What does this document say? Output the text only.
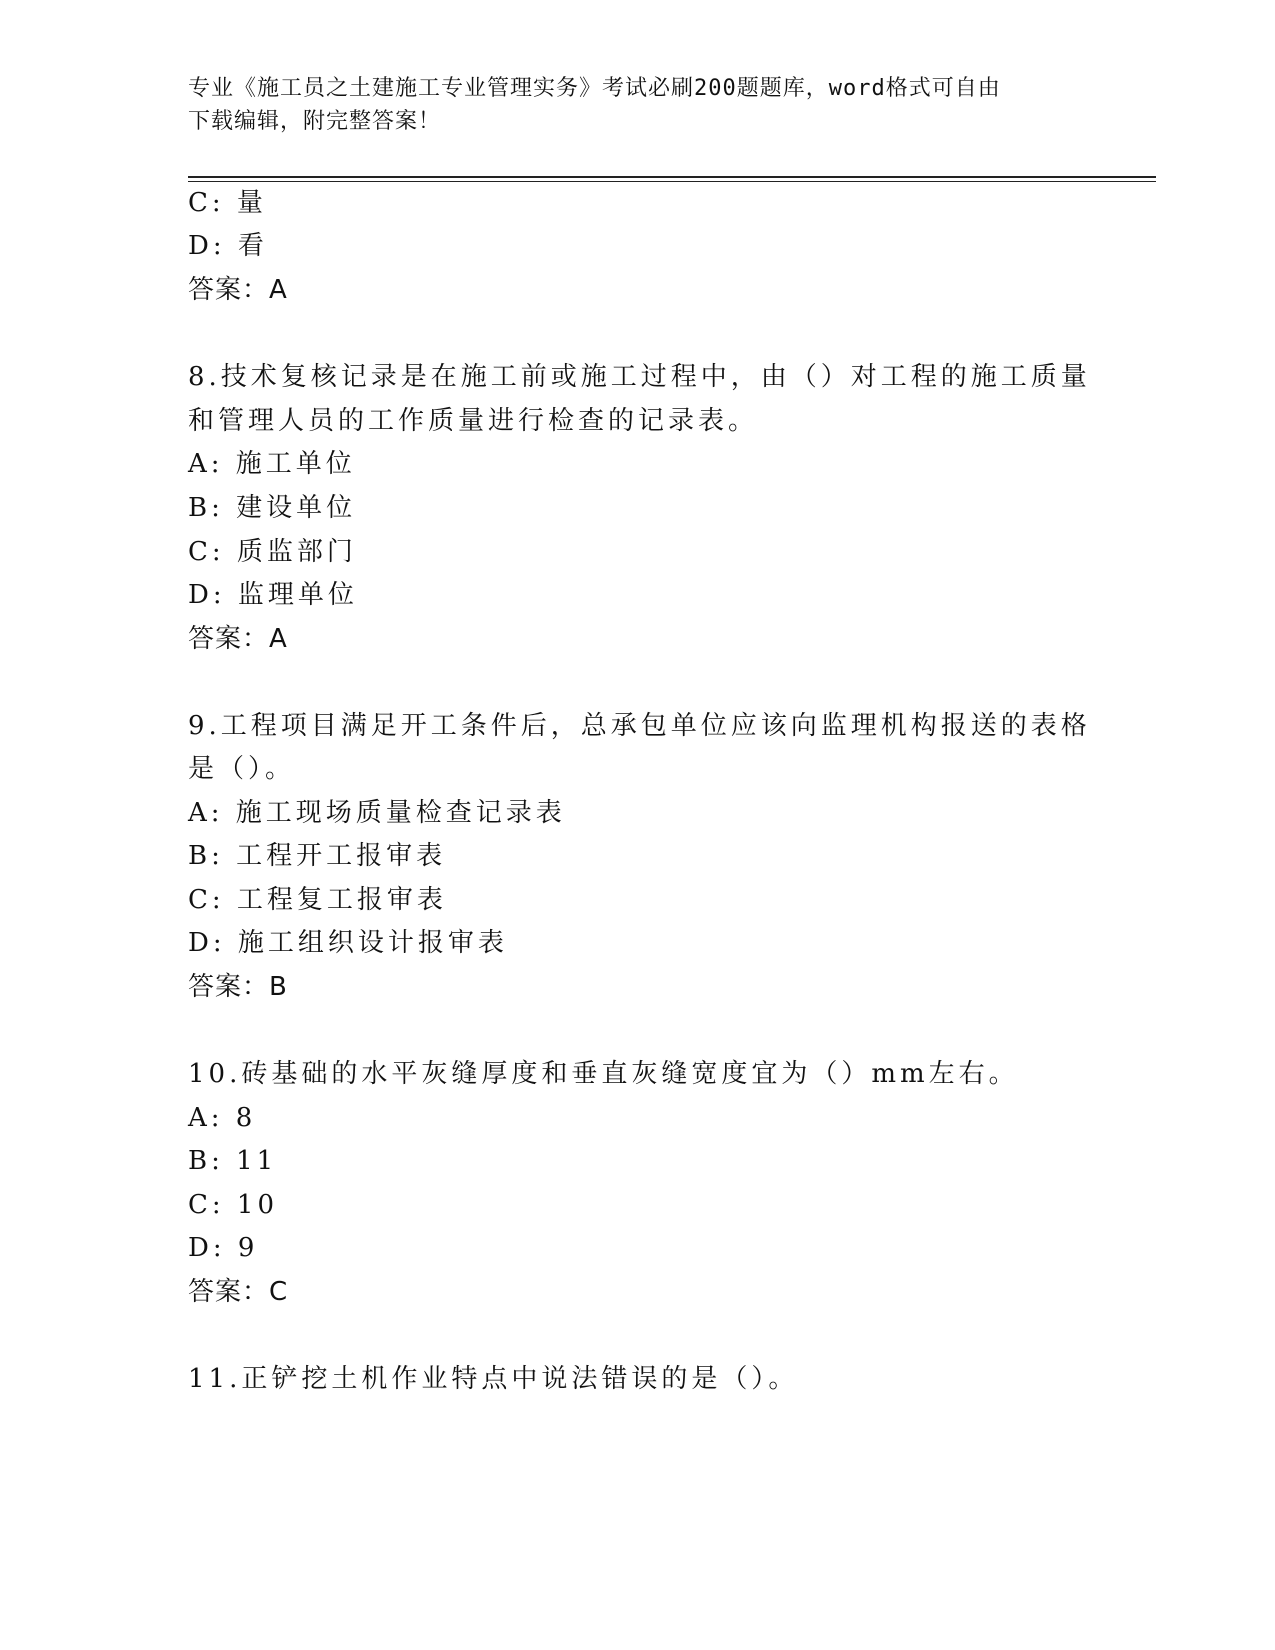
专业《施工员之土建施工专业管理实务》考试必刷200题题库，word格式可自由
下载编辑，附完整答案！
C: 量
D: 看
答案：A
8.技术复核记录是在施工前或施工过程中，由（）对工程的施工质量
和管理人员的工作质量进行检查的记录表。
A: 施工单位
B: 建设单位
C: 质监部门
D: 监理单位
答案：A
9.工程项目满足开工条件后，总承包单位应该向监理机构报送的表格
是（）。
A: 施工现场质量检查记录表
B: 工程开工报审表
C: 工程复工报审表
D: 施工组织设计报审表
答案：B
10.砖基础的水平灰缝厚度和垂直灰缝宽度宜为（）mm左右。
A: 8
B: 11
C: 10
D: 9
答案：C
11.正铲挖土机作业特点中说法错误的是（）。
